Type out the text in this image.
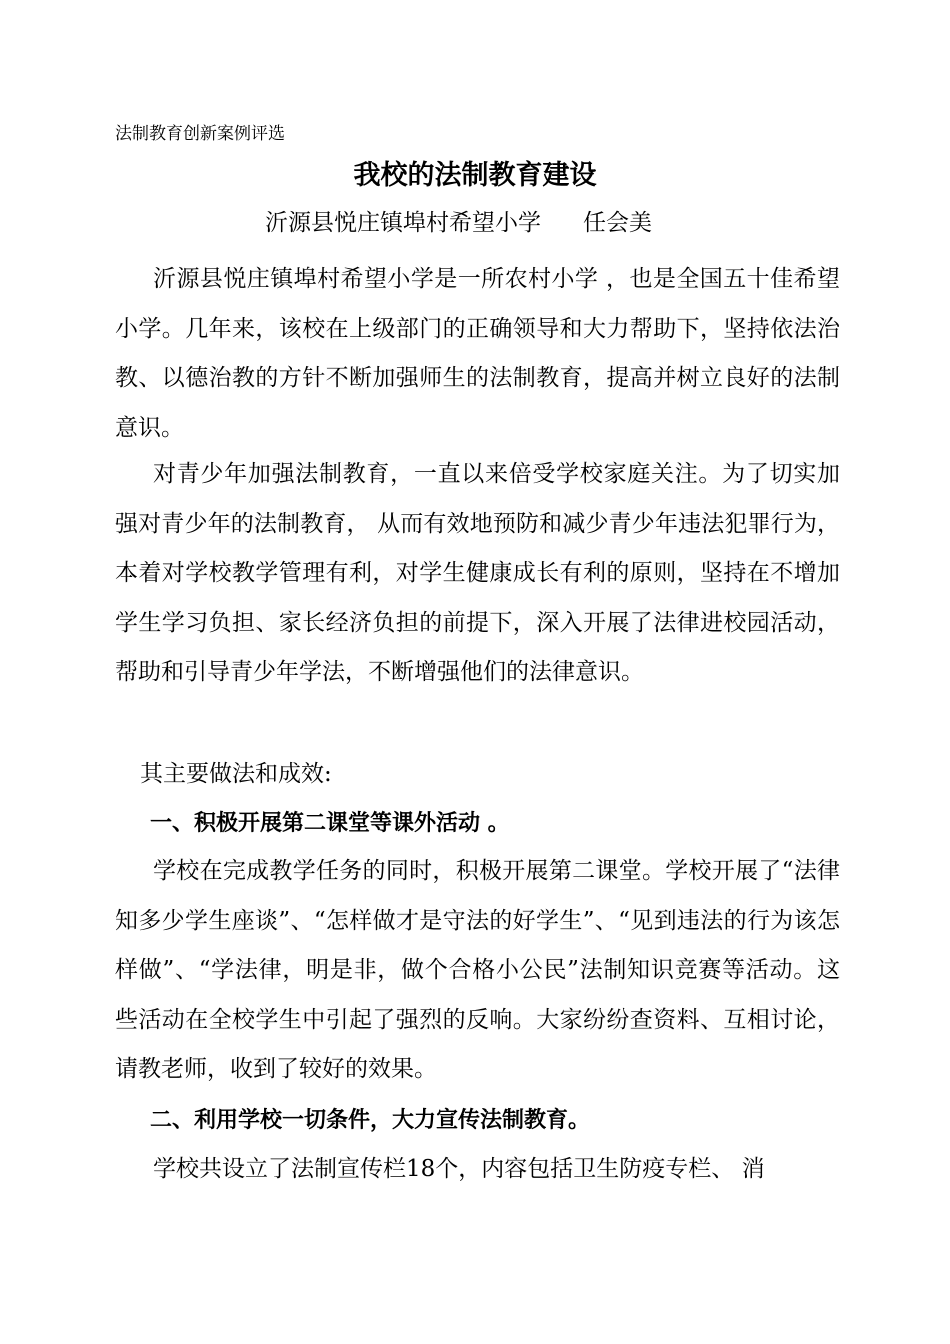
法制教育创新案例评选
我校的法制教育建设
沂源县悦庄镇埠村希望小学 任会美
沂源县悦庄镇埠村希望小学是一所农村小学 ，也是全国五十佳希望小学。几年来，该校在上级部门的正确领导和大力帮助下，坚持依法治教、以德治教的方针不断加强师生的法制教育，提高并树立良好的法制意识。
对青少年加强法制教育，一直以来倍受学校家庭关注。为了切实加强对青少年的法制教育， 从而有效地预防和减少青少年违法犯罪行为，本着对学校教学管理有利，对学生健康成长有利的原则，坚持在不增加学生学习负担、家长经济负担的前提下，深入开展了法律进校园活动，帮助和引导青少年学法，不断增强他们的法律意识。
其主要做法和成效:
一、积极开展第二课堂等课外活动 。
学校在完成教学任务的同时，积极开展第二课堂。学校开展了“法律知多少学生座谈”、“怎样做才是守法的好学生”、“见到违法的行为该怎样做”、“学法律，明是非，做个合格小公民”法制知识竞赛等活动。这些活动在全校学生中引起了强烈的反响。大家纷纷查资料、互相讨论，请教老师，收到了较好的效果。
二、利用学校一切条件，大力宣传法制教育。
学校共设立了法制宣传栏18个，内容包括卫生防疫专栏、 消
